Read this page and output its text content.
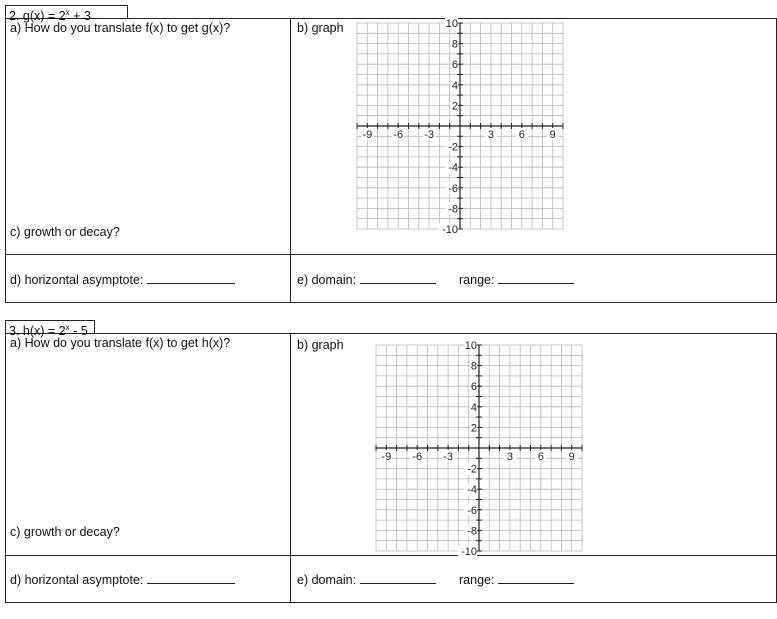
2. $g(x) = 2^x + 3$
a) How do you translate f(x) to get g(x)?	b) graph
c) growth or decay?
d) horizontal asymptote:	e) domain:	range:
-9 -6 -3	3 6 9
10
8
6
4
2
-2
-4
-6
-8
-10
3. $h(x) = 2^x - 5$
a) How do you translate f(x) to get h(x)?	b) graph
c) growth or decay?
d) horizontal asymptote:	e) domain:	range:
-9 -6 -3	3 6 9
10
8
6
4
2
-2
-4
-6
-8
-10
